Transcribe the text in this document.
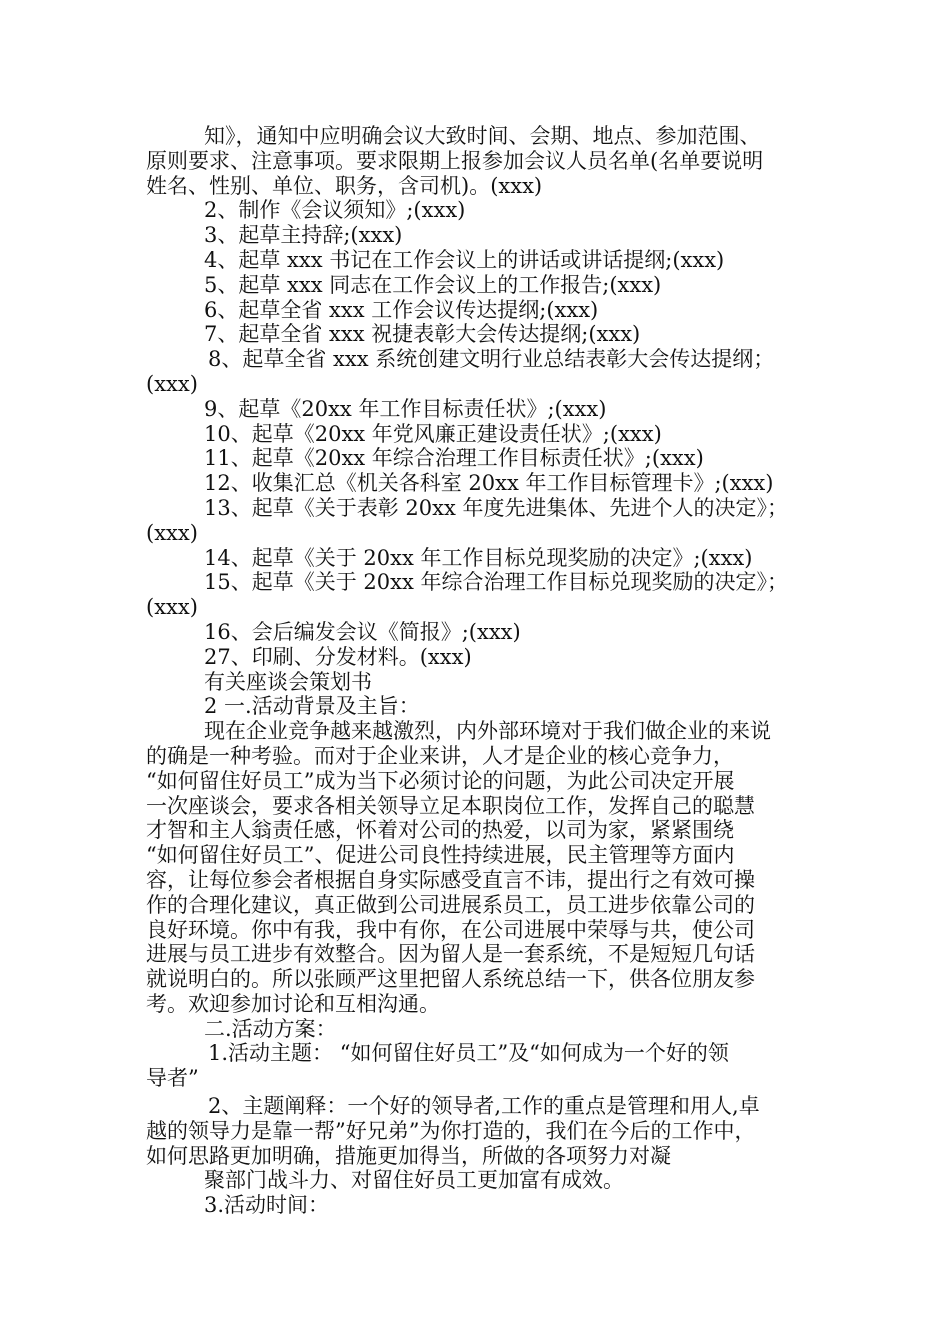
知》，通知中应明确会议大致时间、会期、地点、参加范围、
原则要求、注意事项。要求限期上报参加会议人员名单(名单要说明
姓名、性别、单位、职务，含司机)。(xxx)
2、制作《会议须知》;(xxx)
3、起草主持辞;(xxx)
4、起草 xxx 书记在工作会议上的讲话或讲话提纲;(xxx)
5、起草 xxx 同志在工作会议上的工作报告;(xxx)
6、起草全省 xxx 工作会议传达提纲;(xxx)
7、起草全省 xxx 祝捷表彰大会传达提纲;(xxx)
8、起草全省 xxx 系统创建文明行业总结表彰大会传达提纲；
(xxx)
9、起草《20xx 年工作目标责任状》;(xxx)
10、起草《20xx 年党风廉正建设责任状》;(xxx)
11、起草《20xx 年综合治理工作目标责任状》;(xxx)
12、收集汇总《机关各科室 20xx 年工作目标管理卡》;(xxx)
13、起草《关于表彰 20xx 年度先进集体、先进个人的决定》；
(xxx)
14、起草《关于 20xx 年工作目标兑现奖励的决定》;(xxx)
15、起草《关于 20xx 年综合治理工作目标兑现奖励的决定》；
(xxx)
16、会后编发会议《简报》;(xxx)
27、印刷、分发材料。(xxx)
有关座谈会策划书
2 一.活动背景及主旨：
现在企业竞争越来越激烈，内外部环境对于我们做企业的来说
的确是一种考验。而对于企业来讲，人才是企业的核心竞争力，
“如何留住好员工”成为当下必须讨论的问题，为此公司决定开展
一次座谈会，要求各相关领导立足本职岗位工作，发挥自己的聪慧
才智和主人翁责任感，怀着对公司的热爱，以司为家，紧紧围绕
“如何留住好员工”、促进公司良性持续进展，民主管理等方面内
容，让每位参会者根据自身实际感受直言不讳，提出行之有效可操
作的合理化建议，真正做到公司进展系员工，员工进步依靠公司的
良好环境。你中有我，我中有你，在公司进展中荣辱与共，使公司
进展与员工进步有效整合。因为留人是一套系统，不是短短几句话
就说明白的。所以张顾严这里把留人系统总结一下，供各位朋友参
考。欢迎参加讨论和互相沟通。
二.活动方案：
1.活动主题： “如何留住好员工”及“如何成为一个好的领
导者”
2、主题阐释：一个好的领导者,工作的重点是管理和用人,卓
越的领导力是靠一帮”好兄弟”为你打造的，我们在今后的工作中，
如何思路更加明确，措施更加得当，所做的各项努力对凝
聚部门战斗力、对留住好员工更加富有成效。
3.活动时间：
